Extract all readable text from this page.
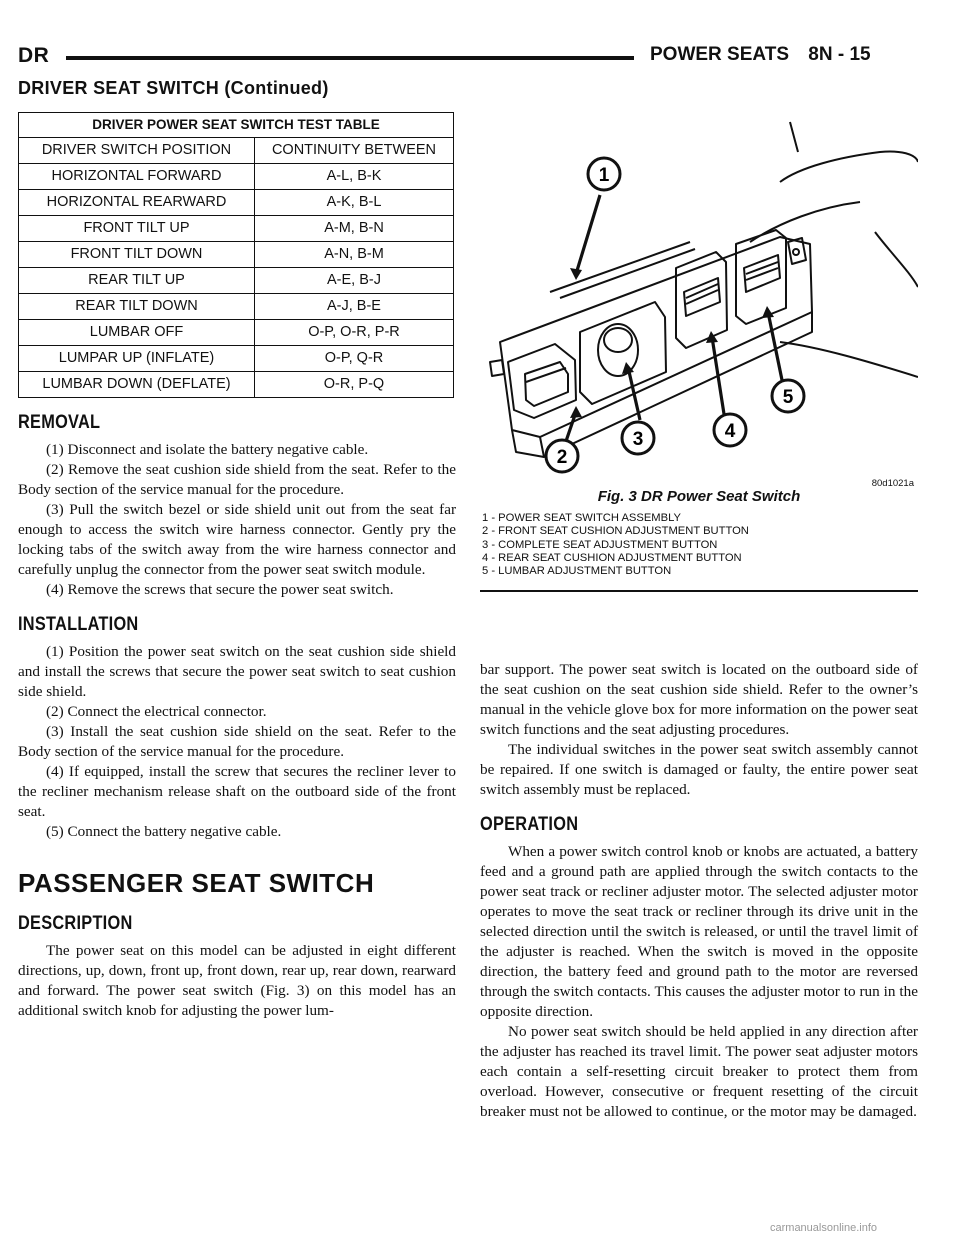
DR	POWER SEATS 8N - 15
DRIVER SEAT SWITCH (Continued)
DRIVER POWER SEAT SWITCH TEST TABLE	
DRIVER SWITCH POSITION	CONTINUITY BETWEEN
HORIZONTAL FORWARD	A-L, B-K
HORIZONTAL REARWARD	A-K, B-L
FRONT TILT UP	A-M, B-N
FRONT TILT DOWN	A-N, B-M
REAR TILT UP	A-E, B-J
REAR TILT DOWN	A-J, B-E
LUMBAR OFF	O-P, O-R, P-R
LUMPAR UP (INFLATE)	O-P, Q-R
LUMBAR DOWN (DEFLATE)	O-R, P-Q
REMOVAL

(1) Disconnect and isolate the battery negative cable.

(2) Remove the seat cushion side shield from the seat. Refer to the Body section of the service manual for the procedure.

(3) Pull the switch bezel or side shield unit out from the seat far enough to access the switch wire harness connector. Gently pry the locking tabs of the switch away from the wire harness connector and carefully unplug the connector from the power seat switch module.

(4) Remove the screws that secure the power seat switch.

INSTALLATION

(1) Position the power seat switch on the seat cushion side shield and install the screws that secure the power seat switch to seat cushion side shield.

(2) Connect the electrical connector.

(3) Install the seat cushion side shield on the seat. Refer to the Body section of the service manual for the procedure.

(4) If equipped, install the screw that secures the recliner lever to the recliner mechanism release shaft on the outboard side of the front seat.

(5) Connect the battery negative cable.

PASSENGER SEAT SWITCH
DESCRIPTION

The power seat on this model can be adjusted in eight different directions, up, down, front up, front down, rear up, rear down, rearward and forward. The power seat switch (Fig. 3) on this model has an additional switch knob for adjusting the power lum-

1
2
3	4
5
80d1021a
Fig. 3 DR Power Seat Switch
1 - POWER SEAT SWITCH ASSEMBLY
2 - FRONT SEAT CUSHION ADJUSTMENT BUTTON
3 - COMPLETE SEAT ADJUSTMENT BUTTON
4 - REAR SEAT CUSHION ADJUSTMENT BUTTON
5 - LUMBAR ADJUSTMENT BUTTON

bar support. The power seat switch is located on the outboard side of the seat cushion on the seat cushion side shield. Refer to the owner’s manual in the vehicle glove box for more information on the power seat switch functions and the seat adjusting procedures.

The individual switches in the power seat switch assembly cannot be repaired. If one switch is damaged or faulty, the entire power seat switch assembly must be replaced.

OPERATION

When a power switch control knob or knobs are actuated, a battery feed and a ground path are applied through the switch contacts to the power seat track or recliner adjuster motor. The selected adjuster motor operates to move the seat track or recliner through its drive unit in the selected direction until the switch is released, or until the travel limit of the adjuster is reached. When the switch is moved in the opposite direction, the battery feed and ground path to the motor are reversed through the switch contacts. This causes the adjuster motor to run in the opposite direction.

No power seat switch should be held applied in any direction after the adjuster has reached its travel limit. The power seat adjuster motors each contain a self-resetting circuit breaker to protect them from overload. However, consecutive or frequent resetting of the circuit breaker must not be allowed to continue, or the motor may be damaged.

carmanualsonline.info
